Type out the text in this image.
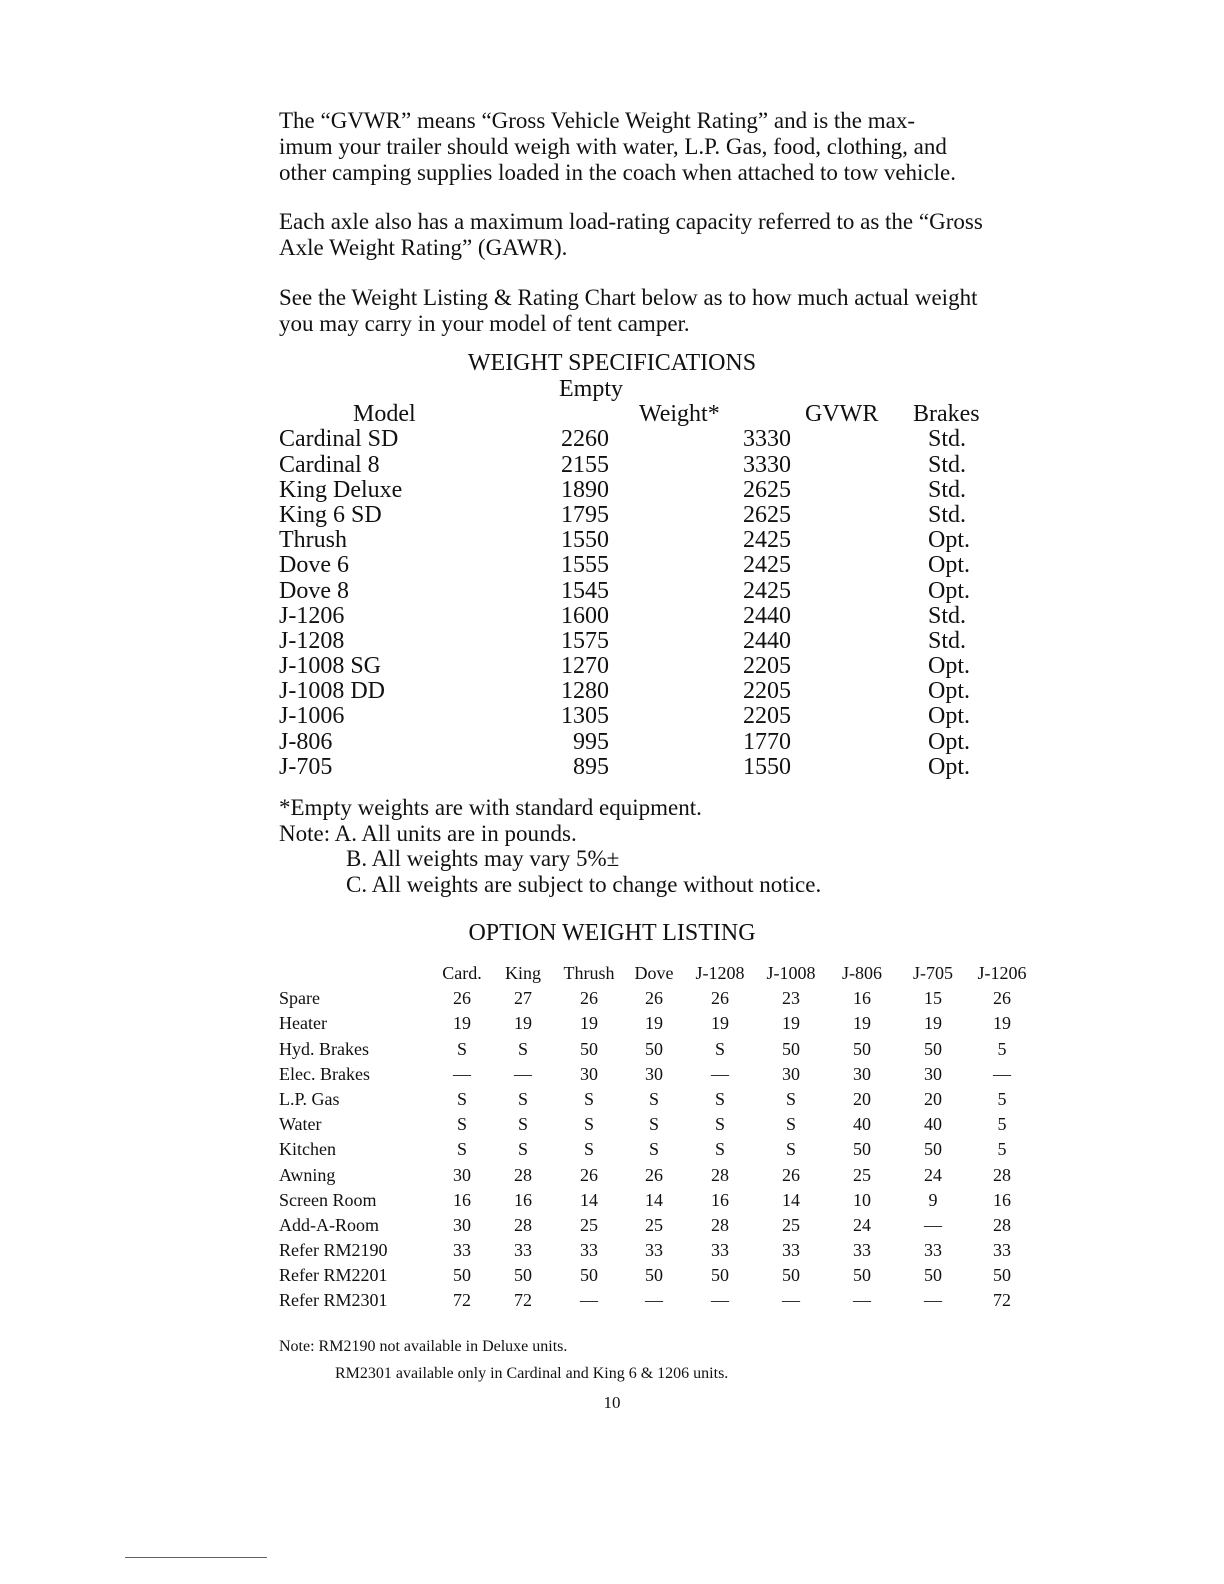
The “GVWR” means “Gross Vehicle Weight Rating” and is the max-
imum your trailer should weigh with water, L.P. Gas, food, clothing, and
other camping supplies loaded in the coach when attached to tow vehicle.
Each axle also has a maximum load-rating capacity referred to as the “Gross
Axle Weight Rating” (GAWR).
See the Weight Listing & Rating Chart below as to how much actual weight
you may carry in your model of tent camper.
WEIGHT SPECIFICATIONS
Empty
Model	Weight*	GVWR Brakes
Cardinal SD	2260	3330	Std.
Cardinal 8	2155	3330	Std.
King Deluxe	1890	2625	Std.
King 6 SD	1795	2625	Std.
Thrush	1550	2425	Opt.
Dove 6	1555	2425	Opt.
Dove 8	1545	2425	Opt.
J-1206	1600	2440	Std.
J-1208	1575	2440	Std.
J-1008 SG	1270	2205	Opt.
J-1008 DD	1280	2205	Opt.
J-1006	1305	2205	Opt.
J-806	995	1770	Opt.
J-705	895	1550	Opt.
*Empty weights are with standard equipment.
Note: A. All units are in pounds.
B. All weights may vary 5%±
C. All weights are subject to change without notice.
OPTION WEIGHT LISTING
Card. King Thrush Dove J-1208 J-1008 J-806 J-705 J-1206
Spare	26 27	26	26	26	23	16	15	26
Heater	19 19	19	19	19	19	19	19	19
Hyd. Brakes	S	S	50	50	S	50	50	50	5
Elec. Brakes	— —	30	30	—	30	30	30	—
L.P. Gas	S	S	S	S	S	S	20	20	5
Water	S	S	S	S	S	S	40	40	5
Kitchen	S	S	S	S	S	S	50	50	5
Awning	30 28	26	26	28	26	25	24	28
Screen Room	16 16	14	14	16	14	10	9	16
Add-A-Room	30 28	25	25	28	25	24	—	28
Refer RM2190	33 33	33	33	33	33	33	33	33
Refer RM2201	50 50	50	50	50	50	50	50	50
Refer RM2301	72 72	—	—	—	—	—	—	72
Note: RM2190 not available in Deluxe units.
RM2301 available only in Cardinal and King 6 & 1206 units.
10
